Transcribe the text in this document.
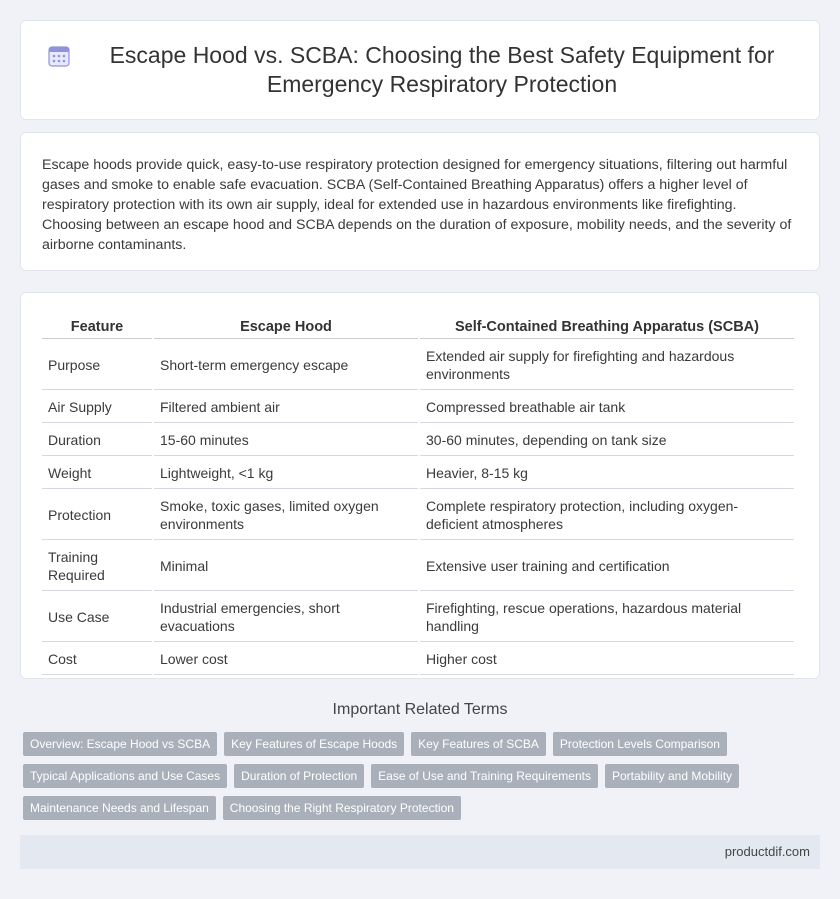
Escape Hood vs. SCBA: Choosing the Best Safety Equipment for Emergency Respiratory Protection

Escape hoods provide quick, easy-to-use respiratory protection designed for emergency situations, filtering out harmful gases and smoke to enable safe evacuation. SCBA (Self-Contained Breathing Apparatus) offers a higher level of respiratory protection with its own air supply, ideal for extended use in hazardous environments like firefighting. Choosing between an escape hood and SCBA depends on the duration of exposure, mobility needs, and the severity of airborne contaminants.

Feature	Escape Hood	Self-Contained Breathing Apparatus (SCBA)
Purpose	Short-term emergency escape	Extended air supply for firefighting and hazardous environments
Air Supply	Filtered ambient air	Compressed breathable air tank
Duration	15-60 minutes	30-60 minutes, depending on tank size
Weight	Lightweight, <1 kg	Heavier, 8-15 kg
Protection	Smoke, toxic gases, limited oxygen environments	Complete respiratory protection, including oxygen-deficient atmospheres
Training Required	Minimal	Extensive user training and certification
Use Case	Industrial emergencies, short evacuations	Firefighting, rescue operations, hazardous material handling
Cost	Lower cost	Higher cost
Important Related Terms
Overview: Escape Hood vs SCBA	Key Features of Escape Hoods	Key Features of SCBA	Protection Levels Comparison
Typical Applications and Use Cases	Duration of Protection	Ease of Use and Training Requirements	Portability and Mobility
Maintenance Needs and Lifespan	Choosing the Right Respiratory Protection
productdif.com
